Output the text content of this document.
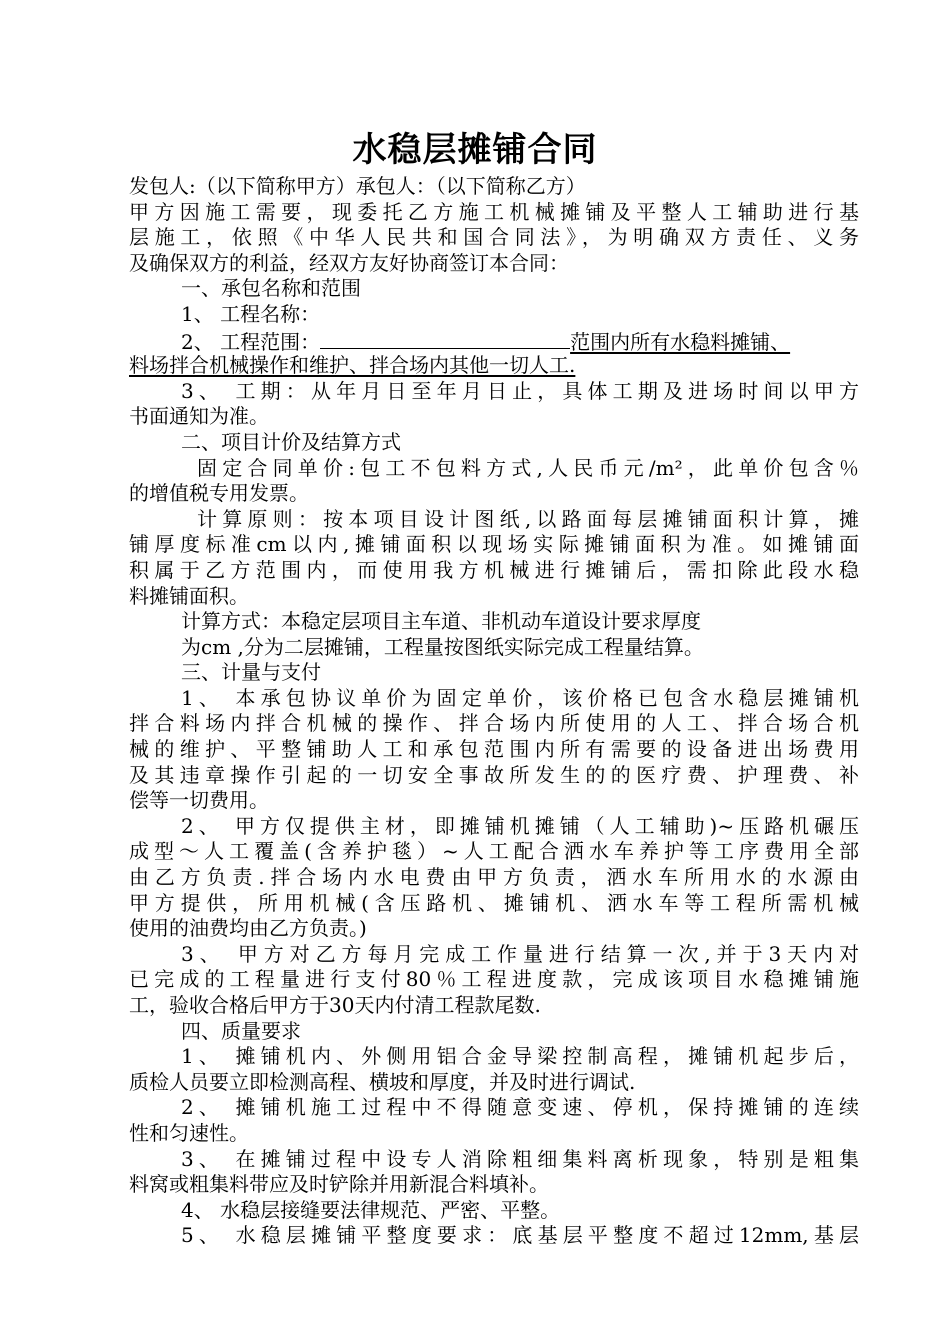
水稳层摊铺合同
发包人:（以下简称甲方）承包人：（以下简称乙方）
甲方因施工需要，现委托乙方施工机械摊铺及平整人工辅助进行基
层施工，依照《中华人民共和国合同法》，为明确双方责任、义务
及确保双方的利益，经双方友好协商签订本合同：
一、承包名称和范围
1、 工程名称：
2、 工程范围：	范围内所有水稳料摊铺、
料场拌合机械操作和维护、拌合场内其他一切人工.
3、 工期：从年月日至年月日止，具体工期及进场时间以甲方
书面通知为准。
二、项目计价及结算方式
固定合同单价:包工不包料方式,人民币元/m²，此单价包含％
的增值税专用发票。
计算原则：按本项目设计图纸,以路面每层摊铺面积计算，摊
铺厚度标准cm以内,摊铺面积以现场实际摊铺面积为准。如摊铺面
积属于乙方范围内，而使用我方机械进行摊铺后，需扣除此段水稳
料摊铺面积。
计算方式：本稳定层项目主车道、非机动车道设计要求厚度
为cm ,分为二层摊铺，工程量按图纸实际完成工程量结算。
三、计量与支付
1、 本承包协议单价为固定单价，该价格已包含水稳层摊铺机
拌合料场内拌合机械的操作、拌合场内所使用的人工、拌合场合机
械的维护、平整铺助人工和承包范围内所有需要的设备进出场费用
及其违章操作引起的一切安全事故所发生的的医疗费、护理费、补
偿等一切费用。
2、 甲方仅提供主材，即摊铺机摊铺（人工辅助)~压路机碾压
成型～人工覆盖(含养护毯）~人工配合洒水车养护等工序费用全部
由乙方负责.拌合场内水电费由甲方负责，洒水车所用水的水源由
甲方提供，所用机械(含压路机、摊铺机、洒水车等工程所需机械
使用的油费均由乙方负责。)
3、 甲方对乙方每月完成工作量进行结算一次,并于3天内对
已完成的工程量进行支付80％工程进度款，完成该项目水稳摊铺施
工，验收合格后甲方于30天内付清工程款尾数.
四、质量要求
1、 摊铺机内、外侧用铝合金导梁控制高程，摊铺机起步后，
质检人员要立即检测高程、横坡和厚度，并及时进行调试.
2、 摊铺机施工过程中不得随意变速、停机，保持摊铺的连续
性和匀速性。
3、 在摊铺过程中设专人消除粗细集料离析现象，特别是粗集
料窝或粗集料带应及时铲除并用新混合料填补。
4、 水稳层接缝要法律规范、严密、平整。
5、 水稳层摊铺平整度要求：底基层平整度不超过12mm,基层
